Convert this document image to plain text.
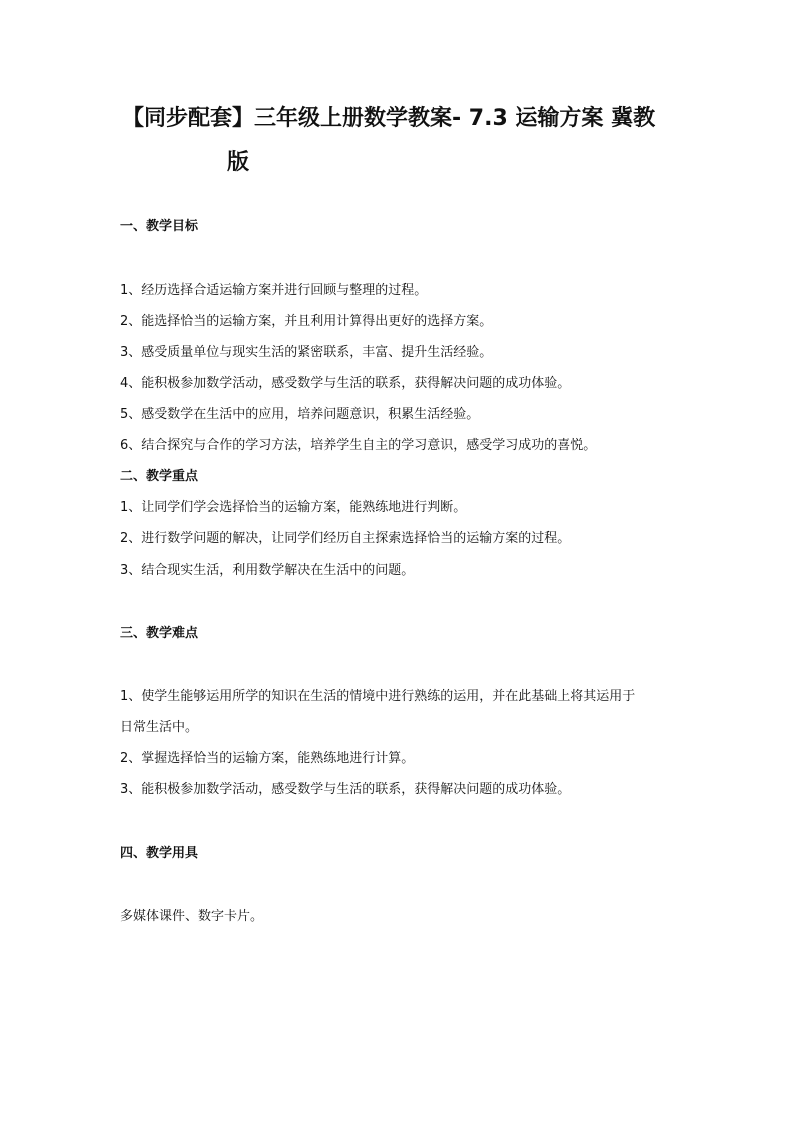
【同步配套】三年级上册数学教案- 7.3 运输方案 冀教
版
一、教学目标
1、经历选择合适运输方案并进行回顾与整理的过程。
2、能选择恰当的运输方案，并且利用计算得出更好的选择方案。
3、感受质量单位与现实生活的紧密联系，丰富、提升生活经验。
4、能积极参加数学活动，感受数学与生活的联系，获得解决问题的成功体验。
5、感受数学在生活中的应用，培养问题意识，积累生活经验。
6、结合探究与合作的学习方法，培养学生自主的学习意识，感受学习成功的喜悦。
二、教学重点
1、让同学们学会选择恰当的运输方案，能熟练地进行判断。
2、进行数学问题的解决，让同学们经历自主探索选择恰当的运输方案的过程。
3、结合现实生活，利用数学解决在生活中的问题。
三、教学难点
1、使学生能够运用所学的知识在生活的情境中进行熟练的运用，并在此基础上将其运用于
日常生活中。
2、掌握选择恰当的运输方案，能熟练地进行计算。
3、能积极参加数学活动，感受数学与生活的联系，获得解决问题的成功体验。
四、教学用具
多媒体课件、数字卡片。
